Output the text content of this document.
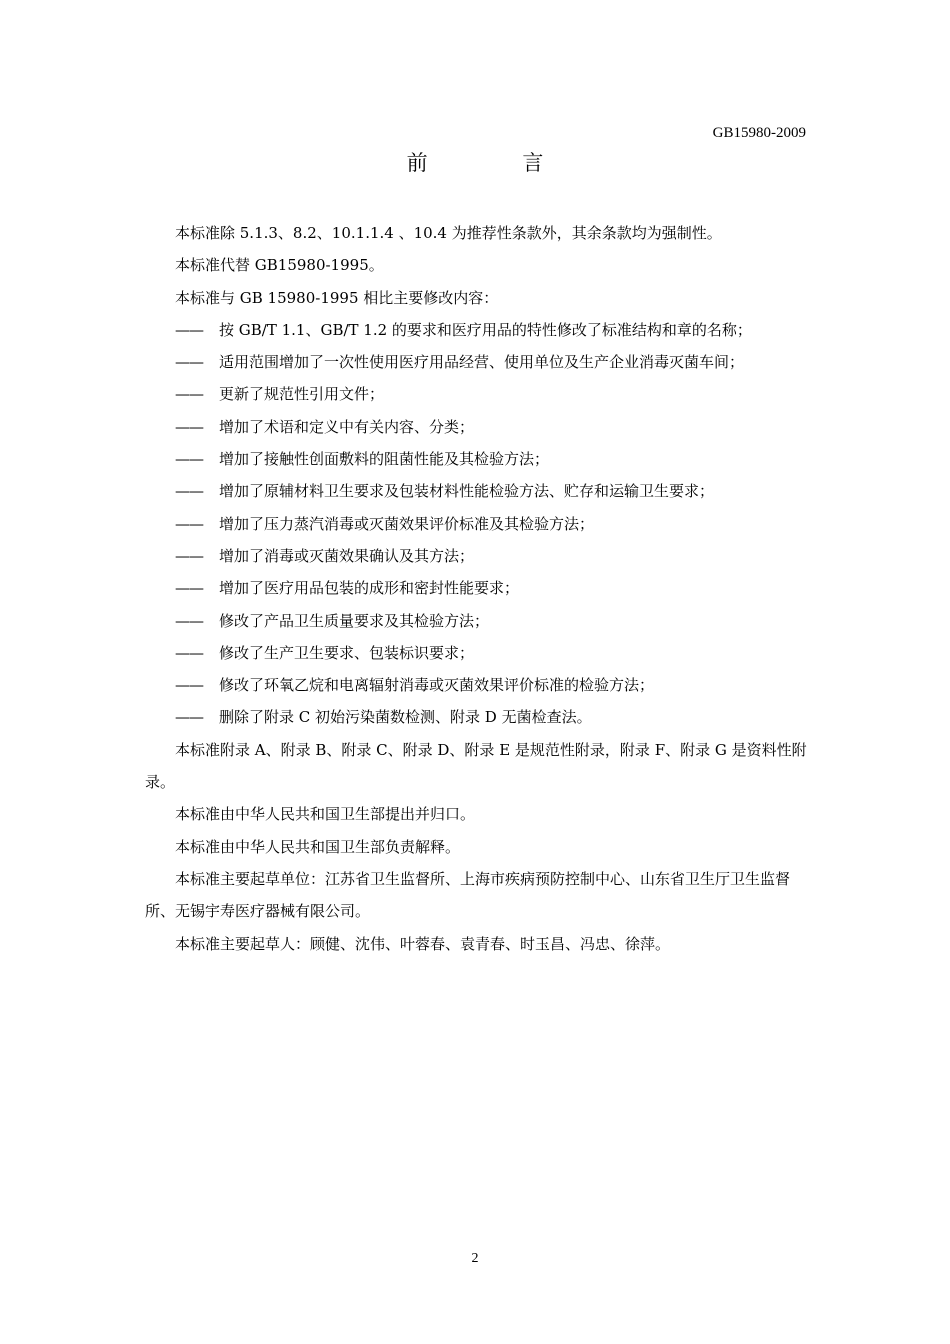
GB15980-2009
前 言

本标准除 5.1.3、8.2、10.1.1.4 、10.4 为推荐性条款外，其余条款均为强制性。

本标准代替 GB15980-1995。

本标准与 GB 15980-1995 相比主要修改内容：

—— 按 GB/T 1.1、GB/T 1.2 的要求和医疗用品的特性修改了标准结构和章的名称；

—— 适用范围增加了一次性使用医疗用品经营、使用单位及生产企业消毒灭菌车间；

—— 更新了规范性引用文件；

—— 增加了术语和定义中有关内容、分类；

—— 增加了接触性创面敷料的阻菌性能及其检验方法；

—— 增加了原辅材料卫生要求及包装材料性能检验方法、贮存和运输卫生要求；

—— 增加了压力蒸汽消毒或灭菌效果评价标准及其检验方法；

—— 增加了消毒或灭菌效果确认及其方法；

—— 增加了医疗用品包装的成形和密封性能要求；

—— 修改了产品卫生质量要求及其检验方法；

—— 修改了生产卫生要求、包装标识要求；

—— 修改了环氧乙烷和电离辐射消毒或灭菌效果评价标准的检验方法；

—— 删除了附录 C 初始污染菌数检测、附录 D 无菌检查法。

本标准附录 A、附录 B、附录 C、附录 D、附录 E 是规范性附录，附录 F、附录 G 是资料性附录。

本标准由中华人民共和国卫生部提出并归口。

本标准由中华人民共和国卫生部负责解释。

本标准主要起草单位：江苏省卫生监督所、上海市疾病预防控制中心、山东省卫生厅卫生监督所、无锡宇寿医疗器械有限公司。

本标准主要起草人：顾健、沈伟、叶蓉春、袁青春、时玉昌、冯忠、徐萍。

2
